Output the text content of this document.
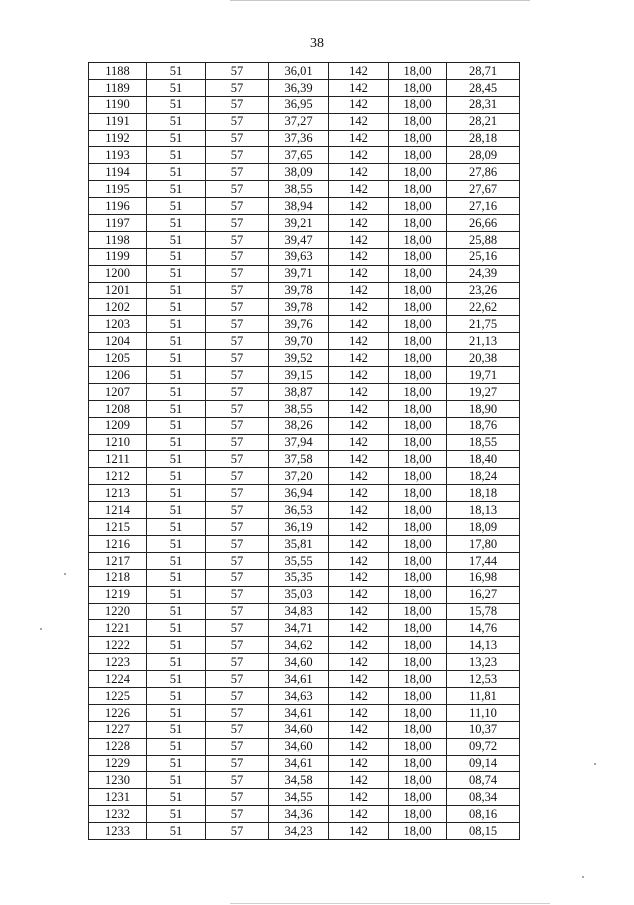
38
1188	51	57	36,01	142	18,00	28,71
1189	51	57	36,39	142	18,00	28,45
1190	51	57	36,95	142	18,00	28,31
1191	51	57	37,27	142	18,00	28,21
1192	51	57	37,36	142	18,00	28,18
1193	51	57	37,65	142	18,00	28,09
1194	51	57	38,09	142	18,00	27,86
1195	51	57	38,55	142	18,00	27,67
1196	51	57	38,94	142	18,00	27,16
1197	51	57	39,21	142	18,00	26,66
1198	51	57	39,47	142	18,00	25,88
1199	51	57	39,63	142	18,00	25,16
1200	51	57	39,71	142	18,00	24,39
1201	51	57	39,78	142	18,00	23,26
1202	51	57	39,78	142	18,00	22,62
1203	51	57	39,76	142	18,00	21,75
1204	51	57	39,70	142	18,00	21,13
1205	51	57	39,52	142	18,00	20,38
1206	51	57	39,15	142	18,00	19,71
1207	51	57	38,87	142	18,00	19,27
1208	51	57	38,55	142	18,00	18,90
1209	51	57	38,26	142	18,00	18,76
1210	51	57	37,94	142	18,00	18,55
1211	51	57	37,58	142	18,00	18,40
1212	51	57	37,20	142	18,00	18,24
1213	51	57	36,94	142	18,00	18,18
1214	51	57	36,53	142	18,00	18,13
1215	51	57	36,19	142	18,00	18,09
1216	51	57	35,81	142	18,00	17,80
1217	51	57	35,55	142	18,00	17,44
1218	51	57	35,35	142	18,00	16,98
1219	51	57	35,03	142	18,00	16,27
1220	51	57	34,83	142	18,00	15,78
1221	51	57	34,71	142	18,00	14,76
1222	51	57	34,62	142	18,00	14,13
1223	51	57	34,60	142	18,00	13,23
1224	51	57	34,61	142	18,00	12,53
1225	51	57	34,63	142	18,00	11,81
1226	51	57	34,61	142	18,00	11,10
1227	51	57	34,60	142	18,00	10,37
1228	51	57	34,60	142	18,00	09,72
1229	51	57	34,61	142	18,00	09,14
1230	51	57	34,58	142	18,00	08,74
1231	51	57	34,55	142	18,00	08,34
1232	51	57	34,36	142	18,00	08,16
1233	51	57	34,23	142	18,00	08,15
